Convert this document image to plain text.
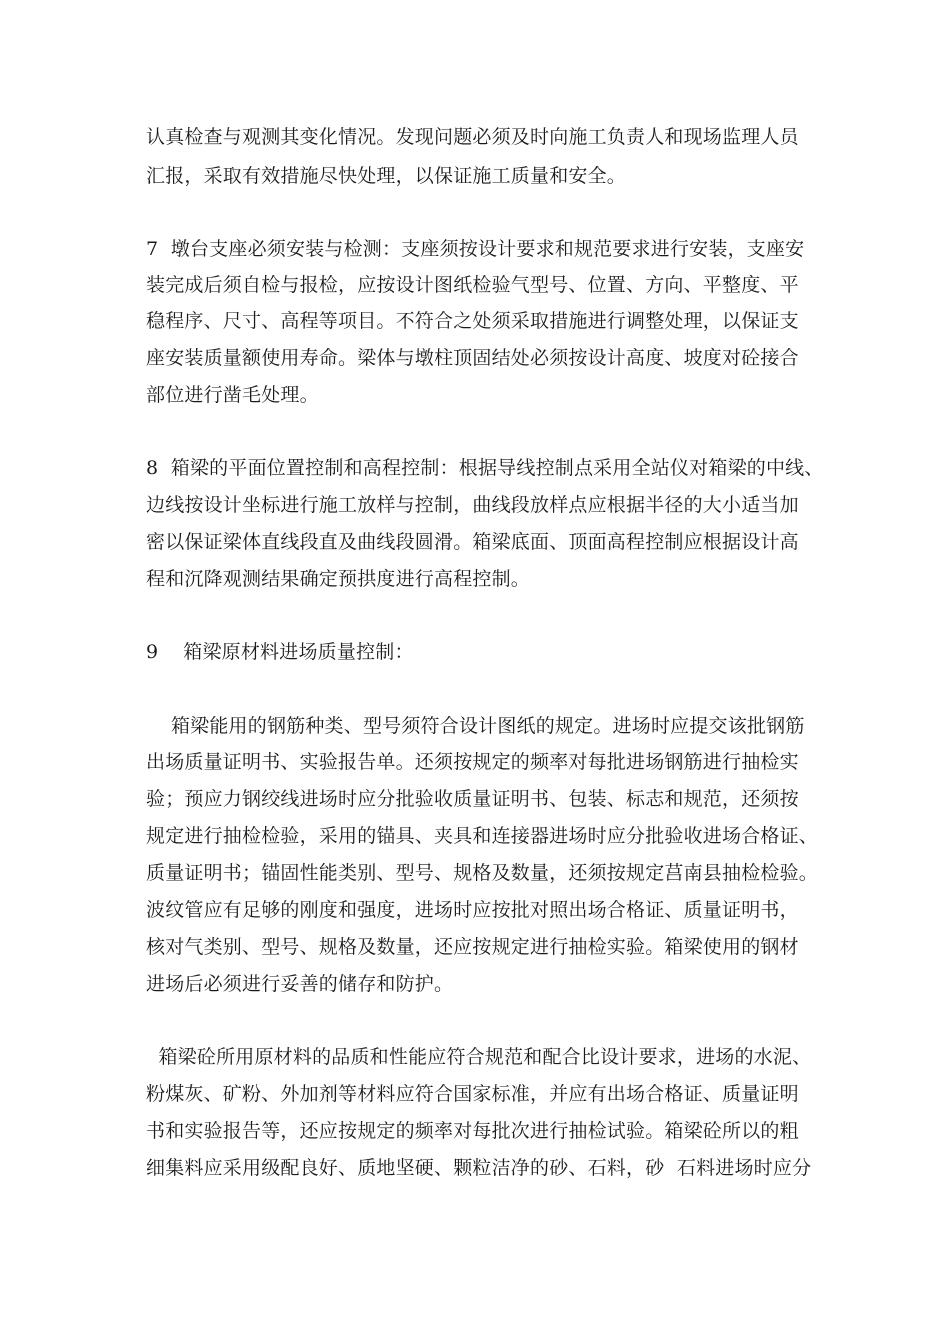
认真检查与观测其变化情况。发现问题必须及时向施工负责人和现场监理人员
汇报，采取有效措施尽快处理，以保证施工质量和安全。
7  墩台支座必须安装与检测：支座须按设计要求和规范要求进行安装，支座安
装完成后须自检与报检，应按设计图纸检验气型号、位置、方向、平整度、平
稳程序、尺寸、高程等项目。不符合之处须采取措施进行调整处理，以保证支
座安装质量额使用寿命。梁体与墩柱顶固结处必须按设计高度、坡度对砼接合
部位进行凿毛处理。
8  箱梁的平面位置控制和高程控制：根据导线控制点采用全站仪对箱梁的中线、
边线按设计坐标进行施工放样与控制，曲线段放样点应根据半径的大小适当加
密以保证梁体直线段直及曲线段圆滑。箱梁底面、顶面高程控制应根据设计高
程和沉降观测结果确定预拱度进行高程控制。
9    箱梁原材料进场质量控制：
箱梁能用的钢筋种类、型号须符合设计图纸的规定。进场时应提交该批钢筋
出场质量证明书、实验报告单。还须按规定的频率对每批进场钢筋进行抽检实
验；预应力钢绞线进场时应分批验收质量证明书、包装、标志和规范，还须按
规定进行抽检检验，采用的锚具、夹具和连接器进场时应分批验收进场合格证、
质量证明书；锚固性能类别、型号、规格及数量，还须按规定莒南县抽检检验。
波纹管应有足够的刚度和强度，进场时应按批对照出场合格证、质量证明书，
核对气类别、型号、规格及数量，还应按规定进行抽检实验。箱梁使用的钢材
进场后必须进行妥善的储存和防护。
箱梁砼所用原材料的品质和性能应符合规范和配合比设计要求，进场的水泥、
粉煤灰、矿粉、外加剂等材料应符合国家标准，并应有出场合格证、质量证明
书和实验报告等，还应按规定的频率对每批次进行抽检试验。箱梁砼所以的粗
细集料应采用级配良好、质地坚硬、颗粒洁净的砂、石料，砂  石料进场时应分
